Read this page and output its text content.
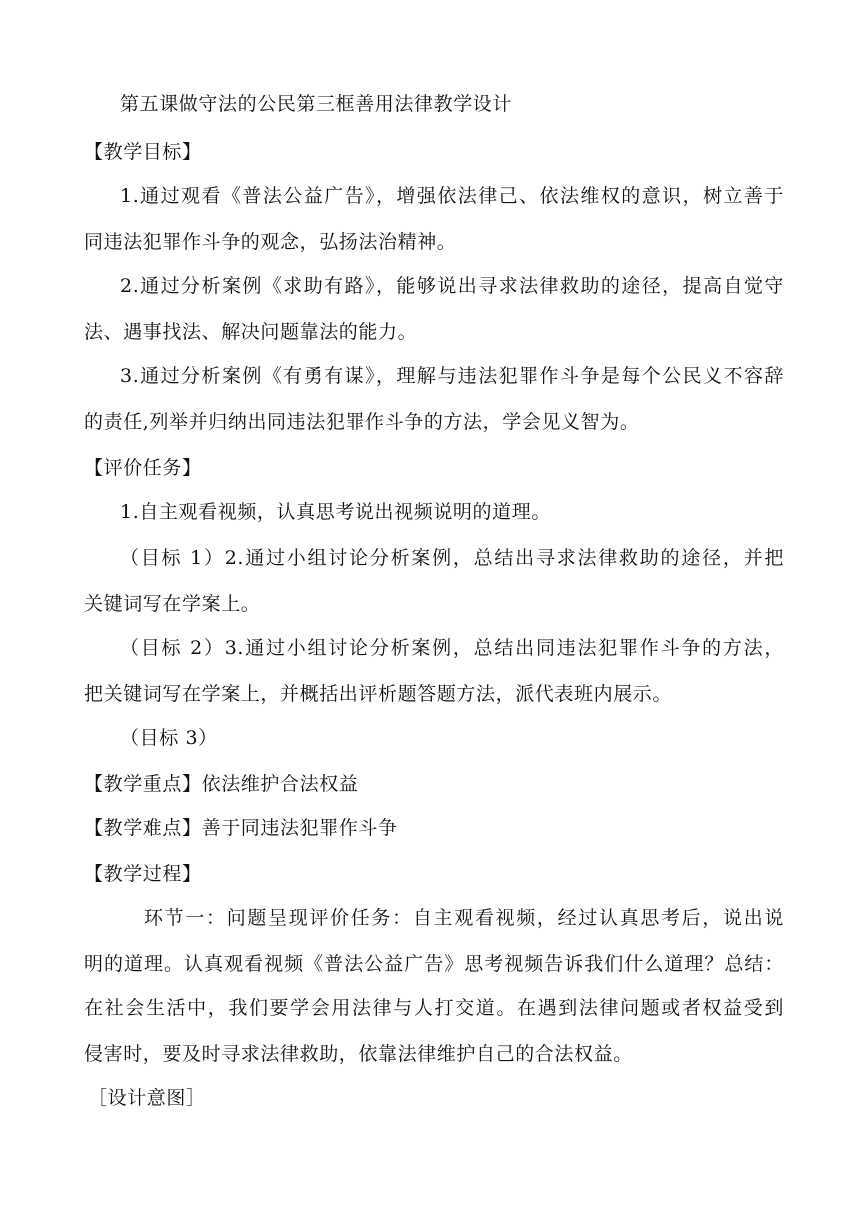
第五课做守法的公民第三框善用法律教学设计
【教学目标】
1.通过观看《普法公益广告》，增强依法律己、依法维权的意识，树立善于
同违法犯罪作斗争的观念，弘扬法治精神。
2.通过分析案例《求助有路》，能够说出寻求法律救助的途径，提高自觉守
法、遇事找法、解决问题靠法的能力。
3.通过分析案例《有勇有谋》，理解与违法犯罪作斗争是每个公民义不容辞
的责任,列举并归纳出同违法犯罪作斗争的方法，学会见义智为。
【评价任务】
1.自主观看视频，认真思考说出视频说明的道理。
（目标 1）2.通过小组讨论分析案例，总结出寻求法律救助的途径，并把
关键词写在学案上。
（目标 2）3.通过小组讨论分析案例，总结出同违法犯罪作斗争的方法，
把关键词写在学案上，并概括出评析题答题方法，派代表班内展示。
（目标 3）
【教学重点】依法维护合法权益
【教学难点】善于同违法犯罪作斗争
【教学过程】
环节一：问题呈现评价任务：自主观看视频，经过认真思考后，说出说
明的道理。认真观看视频《普法公益广告》思考视频告诉我们什么道理？总结：
在社会生活中，我们要学会用法律与人打交道。在遇到法律问题或者权益受到
侵害时，要及时寻求法律救助，依靠法律维护自己的合法权益。
［设计意图］
